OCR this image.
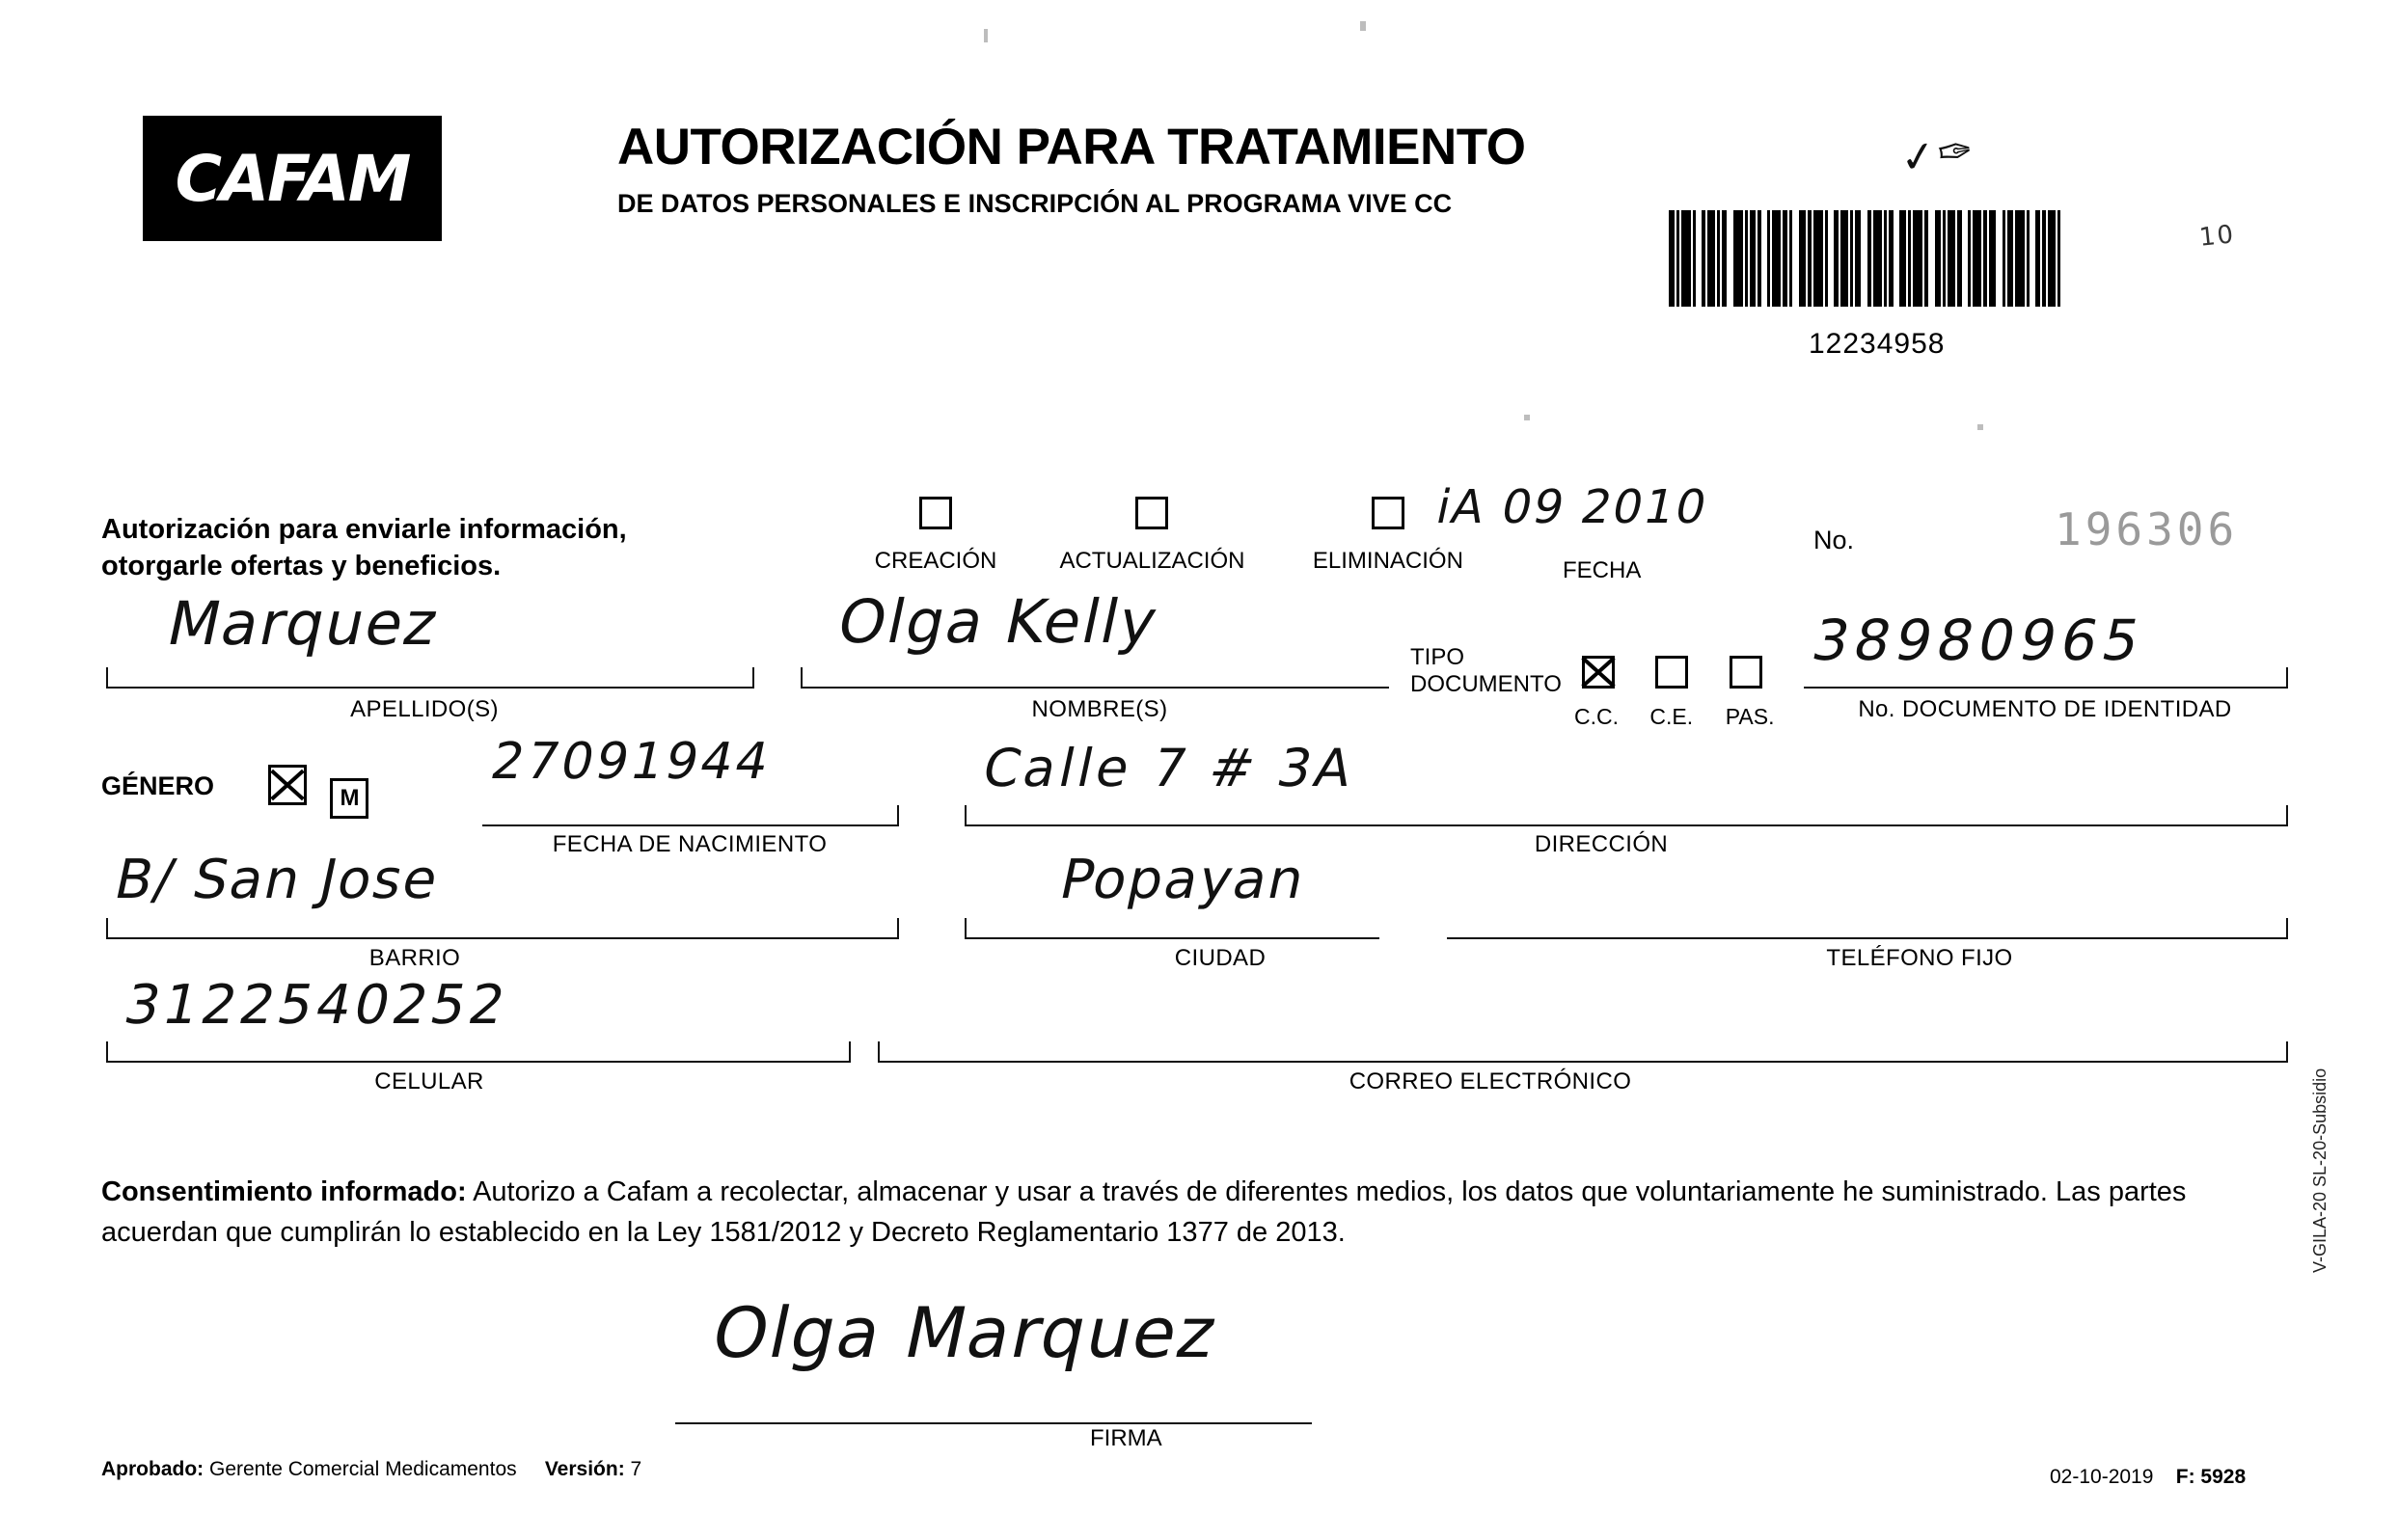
CAFAM	AUTORIZACIÓN PARA TRATAMIENTO
DE DATOS PERSONALES E INSCRIPCIÓN AL PROGRAMA VIVE CC
✓✑
10

12234958
Autorización para enviarle información,
otorgarle ofertas y beneficios.	CREACIÓN
	ACTUALIZACIÓN
	ELIMINACIÓN
iA 09 2010
FECHA
No.	196306
Marquez
APELLIDO(S)
Olga Kelly
NOMBRE(S)
TIPO
DOCUMENTO

C.C. C.E. PAS.
38980965
No. DOCUMENTO DE IDENTIDAD
GÉNERO
	M
27091944
FECHA DE NACIMIENTO
Calle 7 # 3A
DIRECCIÓN
B/ San Jose
BARRIO
Popayan
CIUDAD	TELÉFONO FIJO
3122540252
CELULAR	CORREO ELECTRÓNICO
Consentimiento informado: Autorizo a Cafam a recolectar, almacenar y usar a través de diferentes medios, los datos que voluntariamente he suministrado. Las partes acuerdan que cumplirán lo establecido en la Ley 1581/2012 y Decreto Reglamentario 1377 de 2013.
Olga Marquez
FIRMA
Aprobado: Gerente Comercial Medicamentos Versión: 7	02-10-2019 F: 5928
V-GILA-20 SL-20-Subsidio
